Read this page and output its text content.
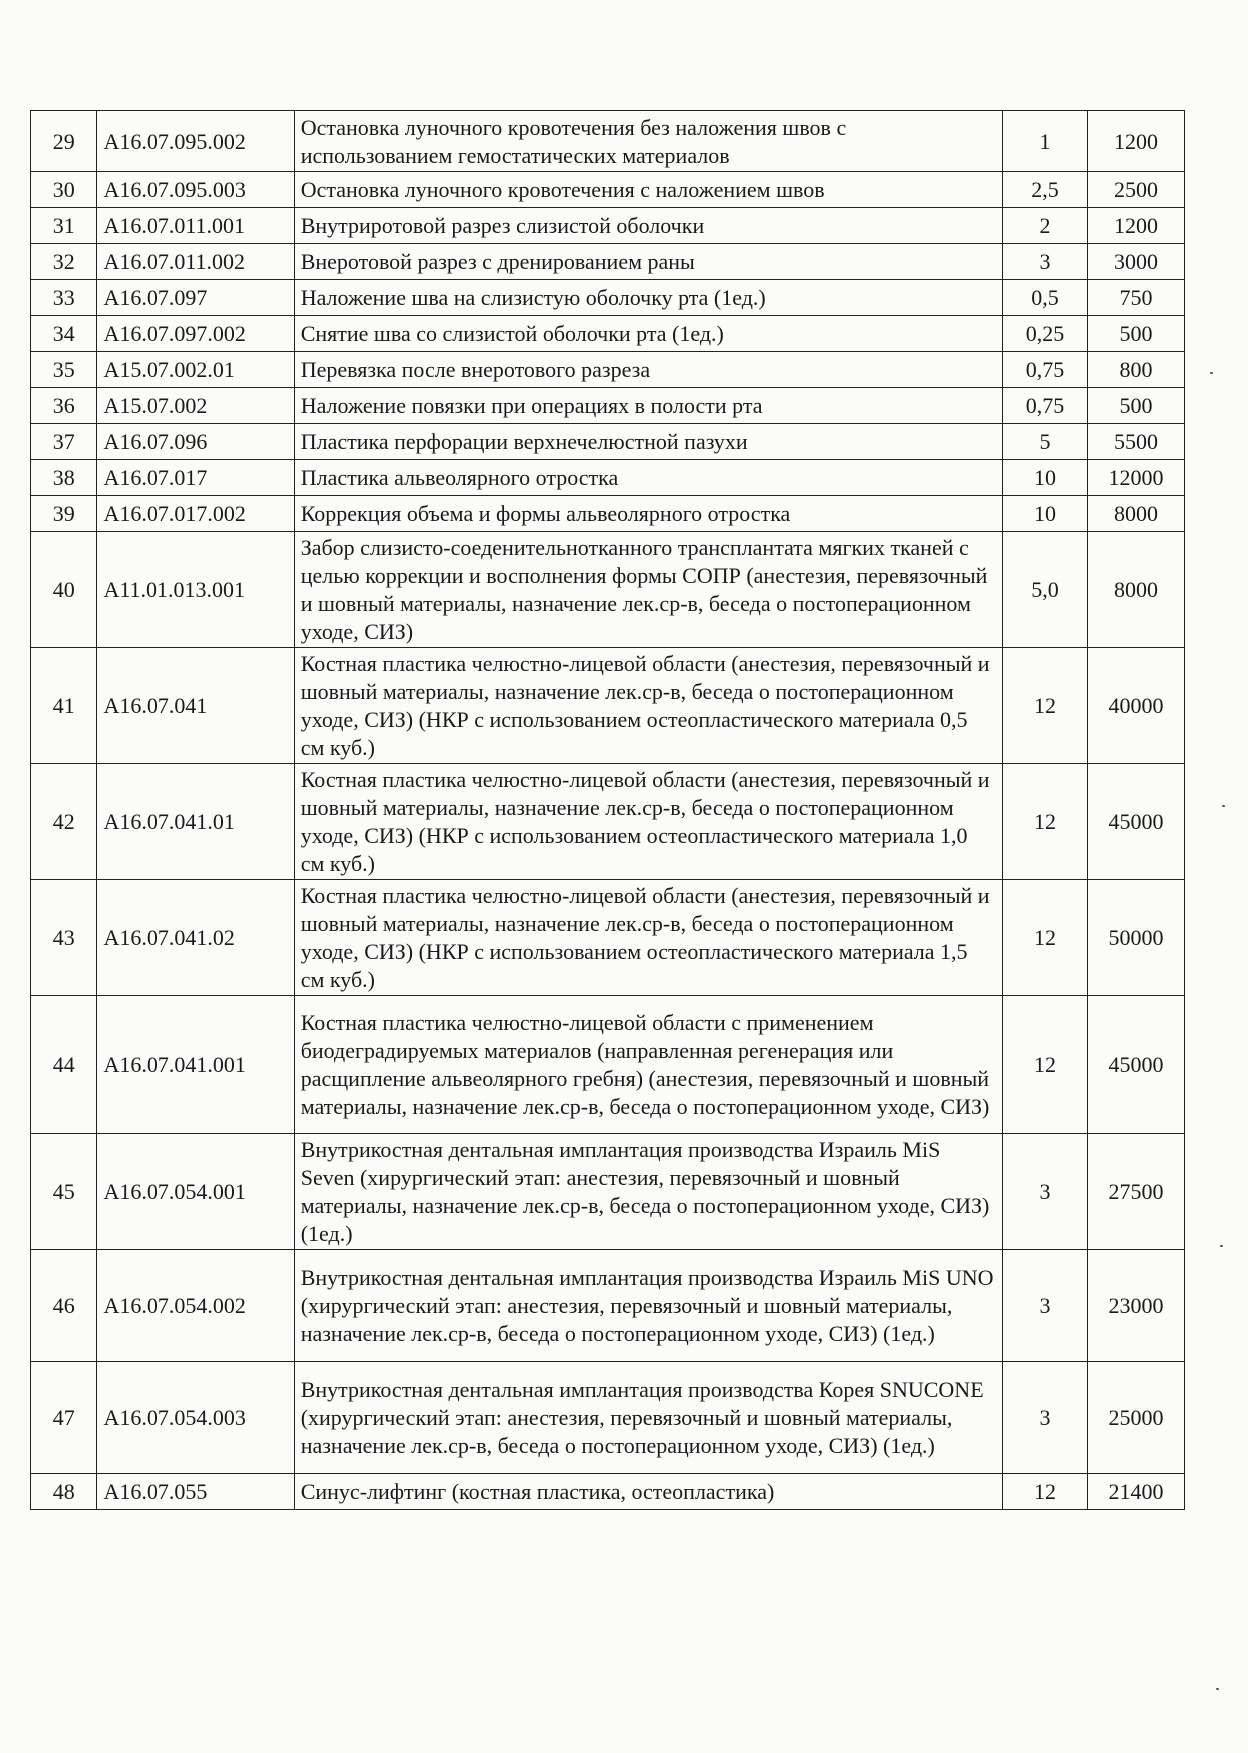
29	A16.07.095.002	Остановка луночного кровотечения без наложения швов с использованием гемостатических материалов	1	1200
30	A16.07.095.003	Остановка луночного кровотечения с наложением швов	2,5	2500
31	A16.07.011.001	Внутриротовой разрез слизистой оболочки	2	1200
32	A16.07.011.002	Внеротовой разрез с дренированием раны	3	3000
33	A16.07.097	Наложение шва на слизистую оболочку рта (1ед.)	0,5	750
34	A16.07.097.002	Снятие шва со слизистой оболочки рта (1ед.)	0,25	500
35	A15.07.002.01	Перевязка после внеротового разреза	0,75	800
36	A15.07.002	Наложение повязки при операциях в полости рта	0,75	500
37	A16.07.096	Пластика перфорации верхнечелюстной пазухи	5	5500
38	A16.07.017	Пластика альвеолярного отростка	10	12000
39	A16.07.017.002	Коррекция объема и формы альвеолярного отростка	10	8000
40	A11.01.013.001	Забор слизисто-соеденительнотканного трансплантата мягких тканей с целью коррекции и восполнения формы СОПР (анестезия, перевязочный и шовный материалы, назначение лек.ср-в, беседа о постоперационном уходе, СИЗ)	5,0	8000
41	A16.07.041	Костная пластика челюстно-лицевой области (анестезия, перевязочный и шовный материалы, назначение лек.ср-в, беседа о постоперационном уходе, СИЗ) (НКР с использованием остеопластического материала 0,5 см куб.)	12	40000
42	A16.07.041.01	Костная пластика челюстно-лицевой области (анестезия, перевязочный и шовный материалы, назначение лек.ср-в, беседа о постоперационном уходе, СИЗ) (НКР с использованием остеопластического материала 1,0 см куб.)	12	45000
43	A16.07.041.02	Костная пластика челюстно-лицевой области (анестезия, перевязочный и шовный материалы, назначение лек.ср-в, беседа о постоперационном уходе, СИЗ) (НКР с использованием остеопластического материала 1,5 см куб.)	12	50000
44	A16.07.041.001	Костная пластика челюстно-лицевой области с применением биодеградируемых материалов (направленная регенерация или расщипление альвеолярного гребня) (анестезия, перевязочный и шовный материалы, назначение лек.ср-в, беседа о постоперационном уходе, СИЗ)	12	45000
45	A16.07.054.001	Внутрикостная дентальная имплантация производства Израиль MiS Seven (хирургический этап: анестезия, перевязочный и шовный материалы, назначение лек.ср-в, беседа о постоперационном уходе, СИЗ) (1ед.)	3	27500
46	A16.07.054.002	Внутрикостная дентальная имплантация производства Израиль MiS UNO (хирургический этап: анестезия, перевязочный и шовный материалы, назначение лек.ср-в, беседа о постоперационном уходе, СИЗ) (1ед.)	3	23000
47	A16.07.054.003	Внутрикостная дентальная имплантация производства Корея SNUCONE (хирургический этап: анестезия, перевязочный и шовный материалы, назначение лек.ср-в, беседа о постоперационном уходе, СИЗ) (1ед.)	3	25000
48	A16.07.055	Синус-лифтинг (костная пластика, остеопластика)	12	21400
